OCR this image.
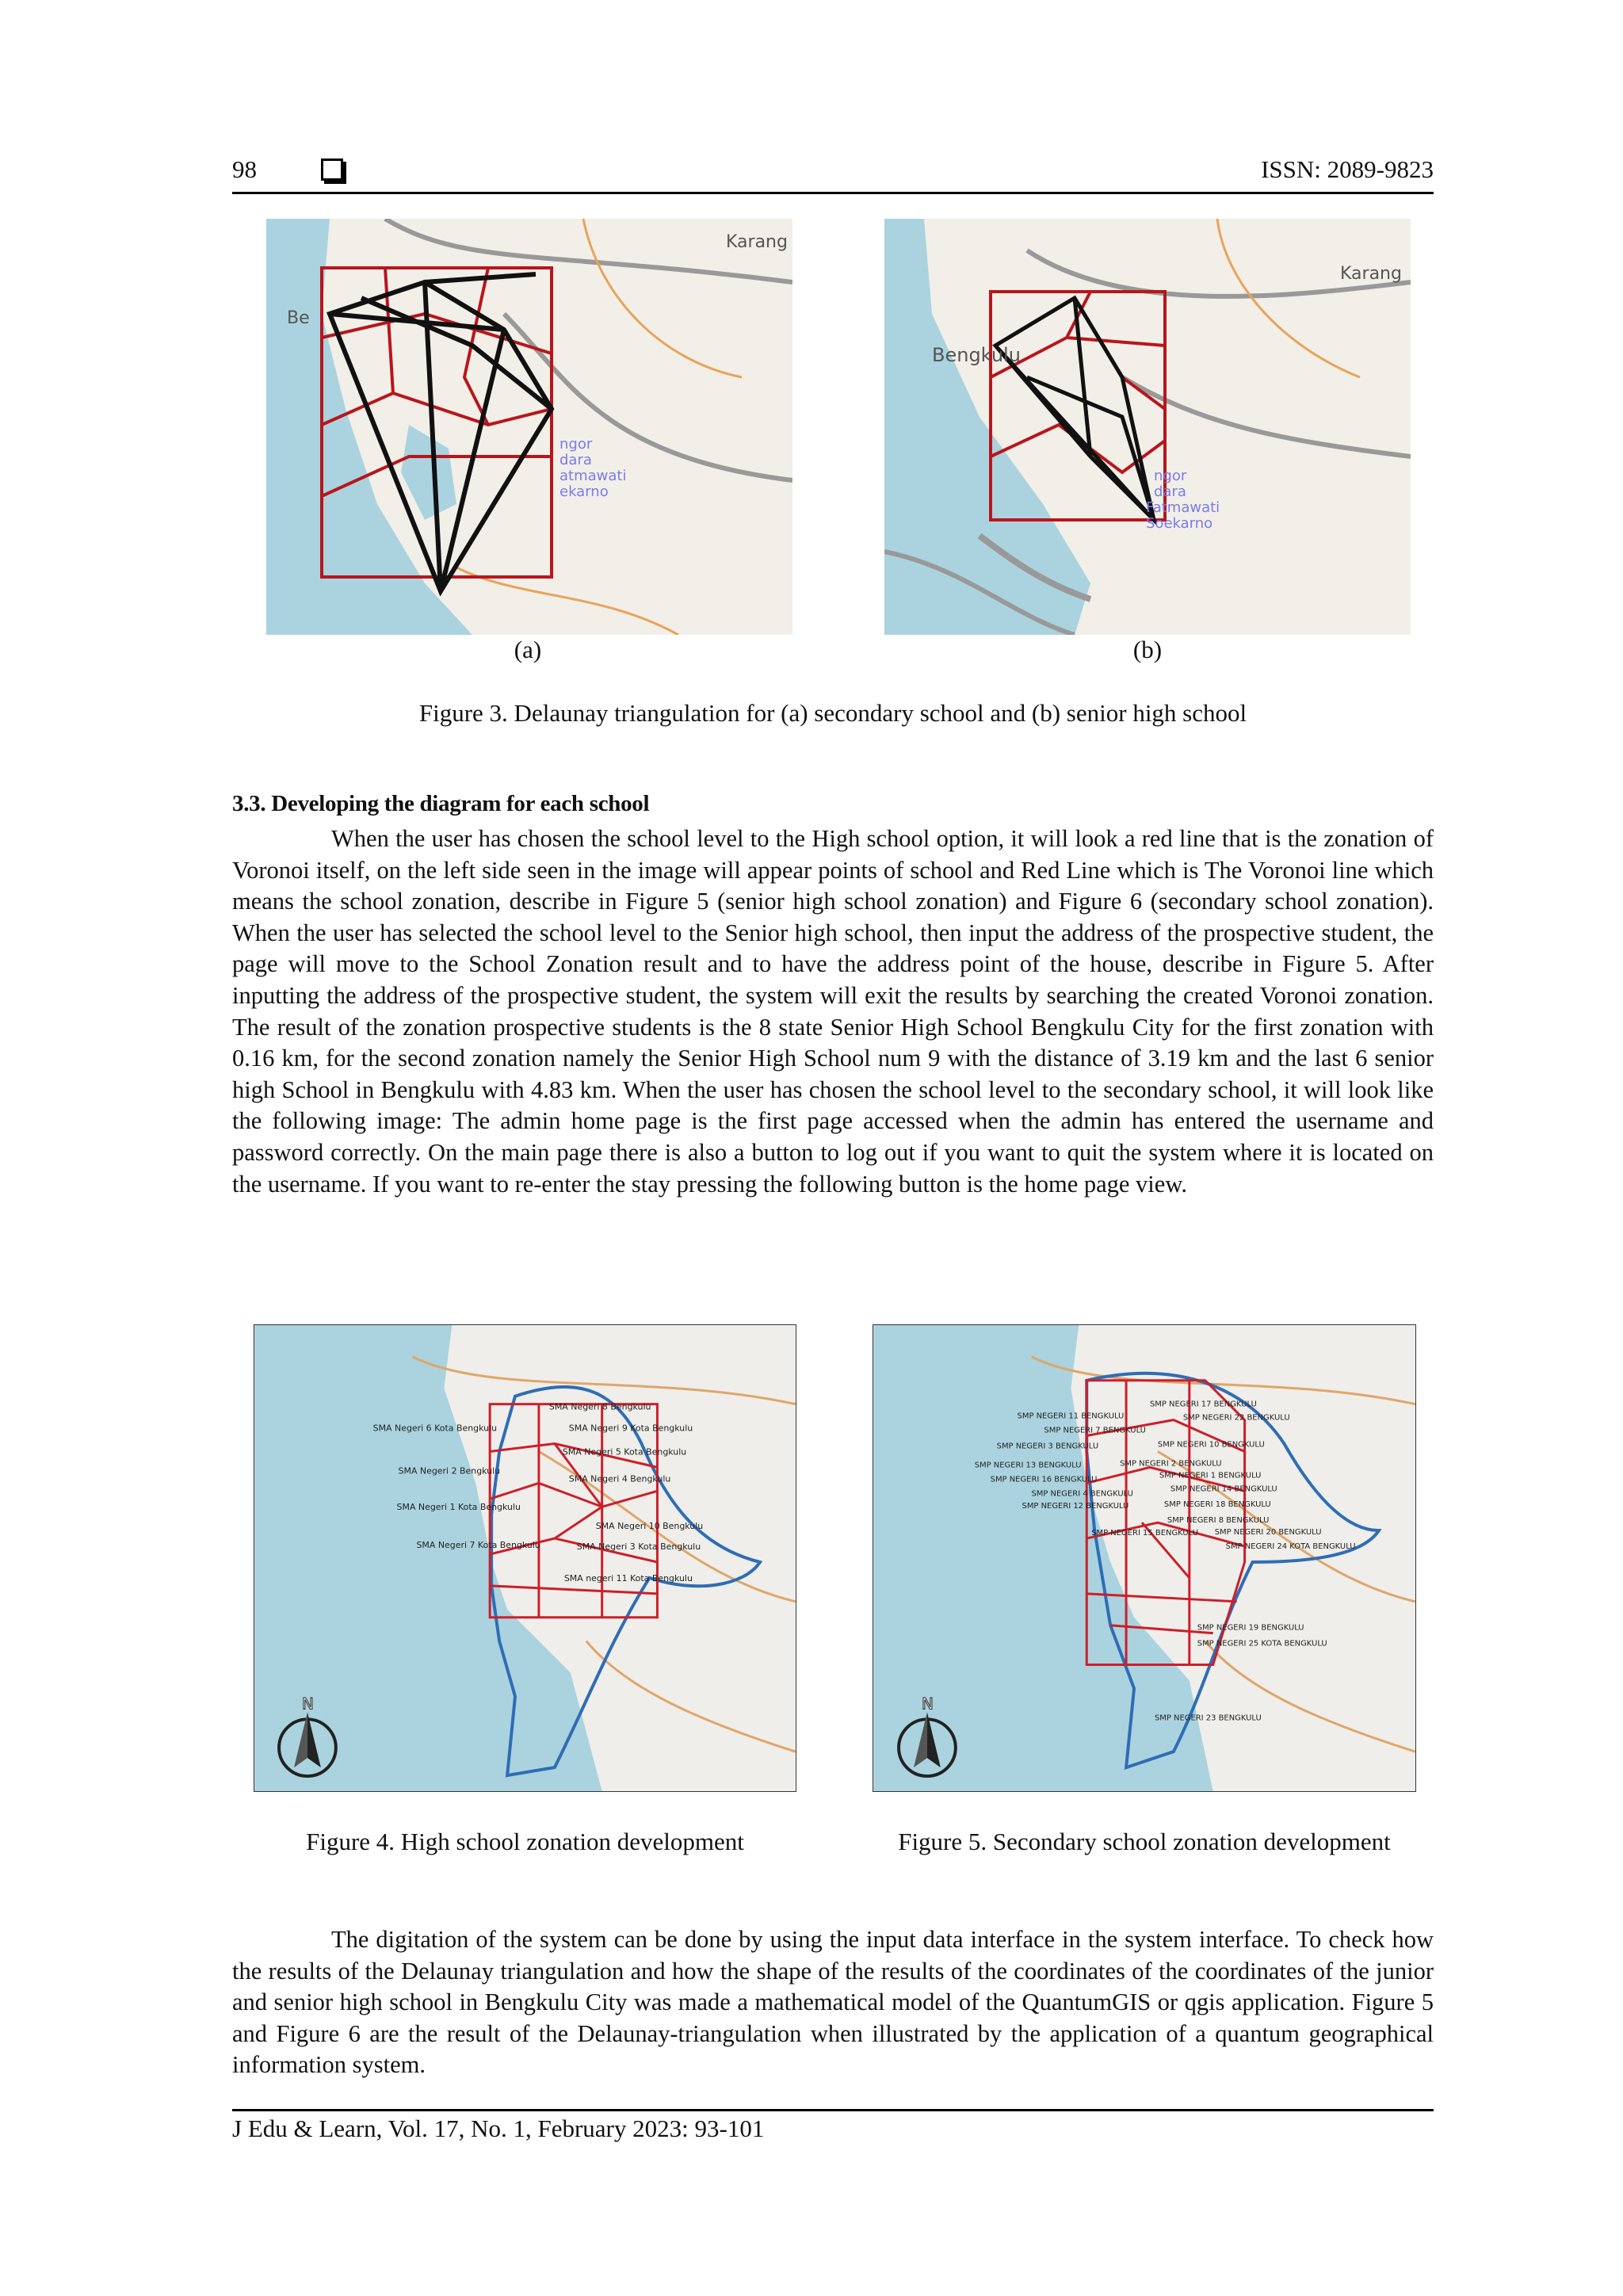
98	ISSN: 2089-9823
Karang
Be
ngor
dara
atmawati
ekarno
Karang
Bengkulu
ngor
dara
Fatmawati
Soekarno
(a)	(b)
Figure 3. Delaunay triangulation for (a) secondary school and (b) senior high school
3.3. Developing the diagram for each school
When the user has chosen the school level to the High school option, it will look a red line that is the zonation of Voronoi itself, on the left side seen in the image will appear points of school and Red Line which is The Voronoi line which means the school zonation, describe in Figure 5 (senior high school zonation) and Figure 6 (secondary school zonation). When the user has selected the school level to the Senior high school, then input the address of the prospective student, the page will move to the School Zonation result and to have the address point of the house, describe in Figure 5. After inputting the address of the prospective student, the system will exit the results by searching the created Voronoi zonation. The result of the zonation prospective students is the 8 state Senior High School Bengkulu City for the first zonation with 0.16 km, for the second zonation namely the Senior High School num 9 with the distance of 3.19 km and the last 6 senior high School in Bengkulu with 4.83 km. When the user has chosen the school level to the secondary school, it will look like the following image: The admin home page is the first page accessed when the admin has entered the username and password correctly. On the main page there is also a button to log out if you want to quit the system where it is located on the username. If you want to re-enter the stay pressing the following button is the home page view.
SMA Negeri 8 Bengkulu
SMA Negeri 6 Kota Bengkulu	SMA Negeri 9 Kota Bengkulu
SMA Negeri 5 Kota Bengkulu
SMA Negeri 2 Bengkulu
SMA Negeri 4 Bengkulu
SMA Negeri 1 Kota Bengkulu
SMA Negeri 10 Bengkulu
SMA Negeri 7 Kota Bengkulu	SMA Negeri 3 Kota Bengkulu
SMA negeri 11 Kota Bengkulu
N
SMP NEGERI 17 BENGKULU
SMP NEGERI 11 BENGKULU	SMP NEGERI 22 BENGKULU
SMP NEGERI 7 BENGKULU
SMP NEGERI 3 BENGKULU	SMP NEGERI 10 BENGKULU
SMP NEGERI 13 BENGKULU	SMP NEGERI 2 BENGKULU
SMP NEGERI 16 BENGKULU	SMP NEGERI 1 BENGKULU
SMP NEGERI 4 BENGKULU
SMP NEGERI 14 BENGKULU
SMP NEGERI 12 BENGKULU	SMP NEGERI 18 BENGKULU
SMP NEGERI 8 BENGKULU
SMP NEGERI 15 BENGKULU SMP NEGERI 20 BENGKULU
SMP NEGERI 24 KOTA BENGKULU
SMP NEGERI 19 BENGKULU
SMP NEGERI 25 KOTA BENGKULU
SMP NEGERI 23 BENGKULU
N
Figure 4. High school zonation development	Figure 5. Secondary school zonation development
The digitation of the system can be done by using the input data interface in the system interface. To check how the results of the Delaunay triangulation and how the shape of the results of the coordinates of the coordinates of the junior and senior high school in Bengkulu City was made a mathematical model of the QuantumGIS or qgis application. Figure 5 and Figure 6 are the result of the Delaunay-triangulation when illustrated by the application of a quantum geographical information system.
J Edu & Learn, Vol. 17, No. 1, February 2023: 93-101
